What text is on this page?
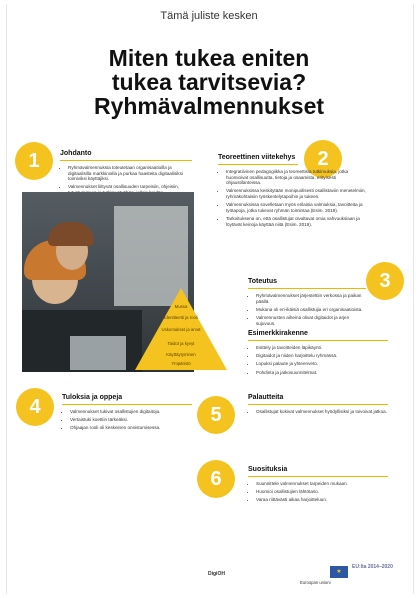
Tämä juliste kesken
Miten tukea eniten
tukea tarvitsevia?
Ryhmävalmennukset
1	Johdanto
• Ryhmävalmennuksia toteutetaan organisaatioilla ja digitaalisilla markkinoilla ja purkaa haasteita digitaalisiksi toimiviksi käyttäjiksi.
• Valmennukset liittyvät osallisuuden tarpeisiin, ohjeisiin,
•
2
Teoreettinen viitekehys
• Integratiivinen pedagogiikka ja teoreettisia tutkimuksia, jotka huomioivat osallisuutta, tietoja ja osaamista, erityisesti ohjaustilanteissa.
• Valmennuksissa keskitytään monipuolisesti osallistaviin menetelmiin, ryhmäkohtaisiin työskentelytapoihin ja tukeen.
• Valmennuksissa sovelletaan myös erilaisia valmiuksia, tavoitteita ja työtapoja, jotka tukevat ryhmän toimintaa (Esim. 2019).
• Tarkoituksena on, että osallistujat oivaltavat omia vahvuuksiaan ja löytävät keinoja käyttää niitä (Esim. 2019).
Mussa
Identiteetti ja rooli
Uskomukset ja arvot
Taidot ja kyvyt
Käyttäytyminen
Ympäristö
3
Toteutus
• Ryhmävalmennukset järjestettiin verkossa ja paikan päällä.
• Mukana oli eri-ikäisiä osallistujia eri organisaatioista.
• Valmennusten aiheina olivat digitaidot ja arjen sujuvuus.
Esimerkkirakenne
• Esittely ja tavoitteiden läpikäynti.
• Digitaidot ja niiden harjoittelu ryhmässä.
• Lopuksi palaute ja yhteenveto.
• Pohdinta ja jatkosuunnitelmat.
4	Tuloksia ja oppeja
• Valmennukset tukivat osallistujien digitaitoja.
• Vertaistuki koettiin tärkeäksi.
• Ohjaajan rooli oli keskeinen onnistumisessa.
5
Palautteita
• Osallistujat kokivat valmennukset hyödyllisiksi ja toivoivat jatkoa.
6	Suosituksia
• Suunnittele valmennukset tarpeiden mukaan.
• Huomioi osallistujien lähtötaso.
• Varaa riittävästi aikaa harjoitteluun.
DigiOH	★
Euroopan unioni
EU:lta 2014–2020
